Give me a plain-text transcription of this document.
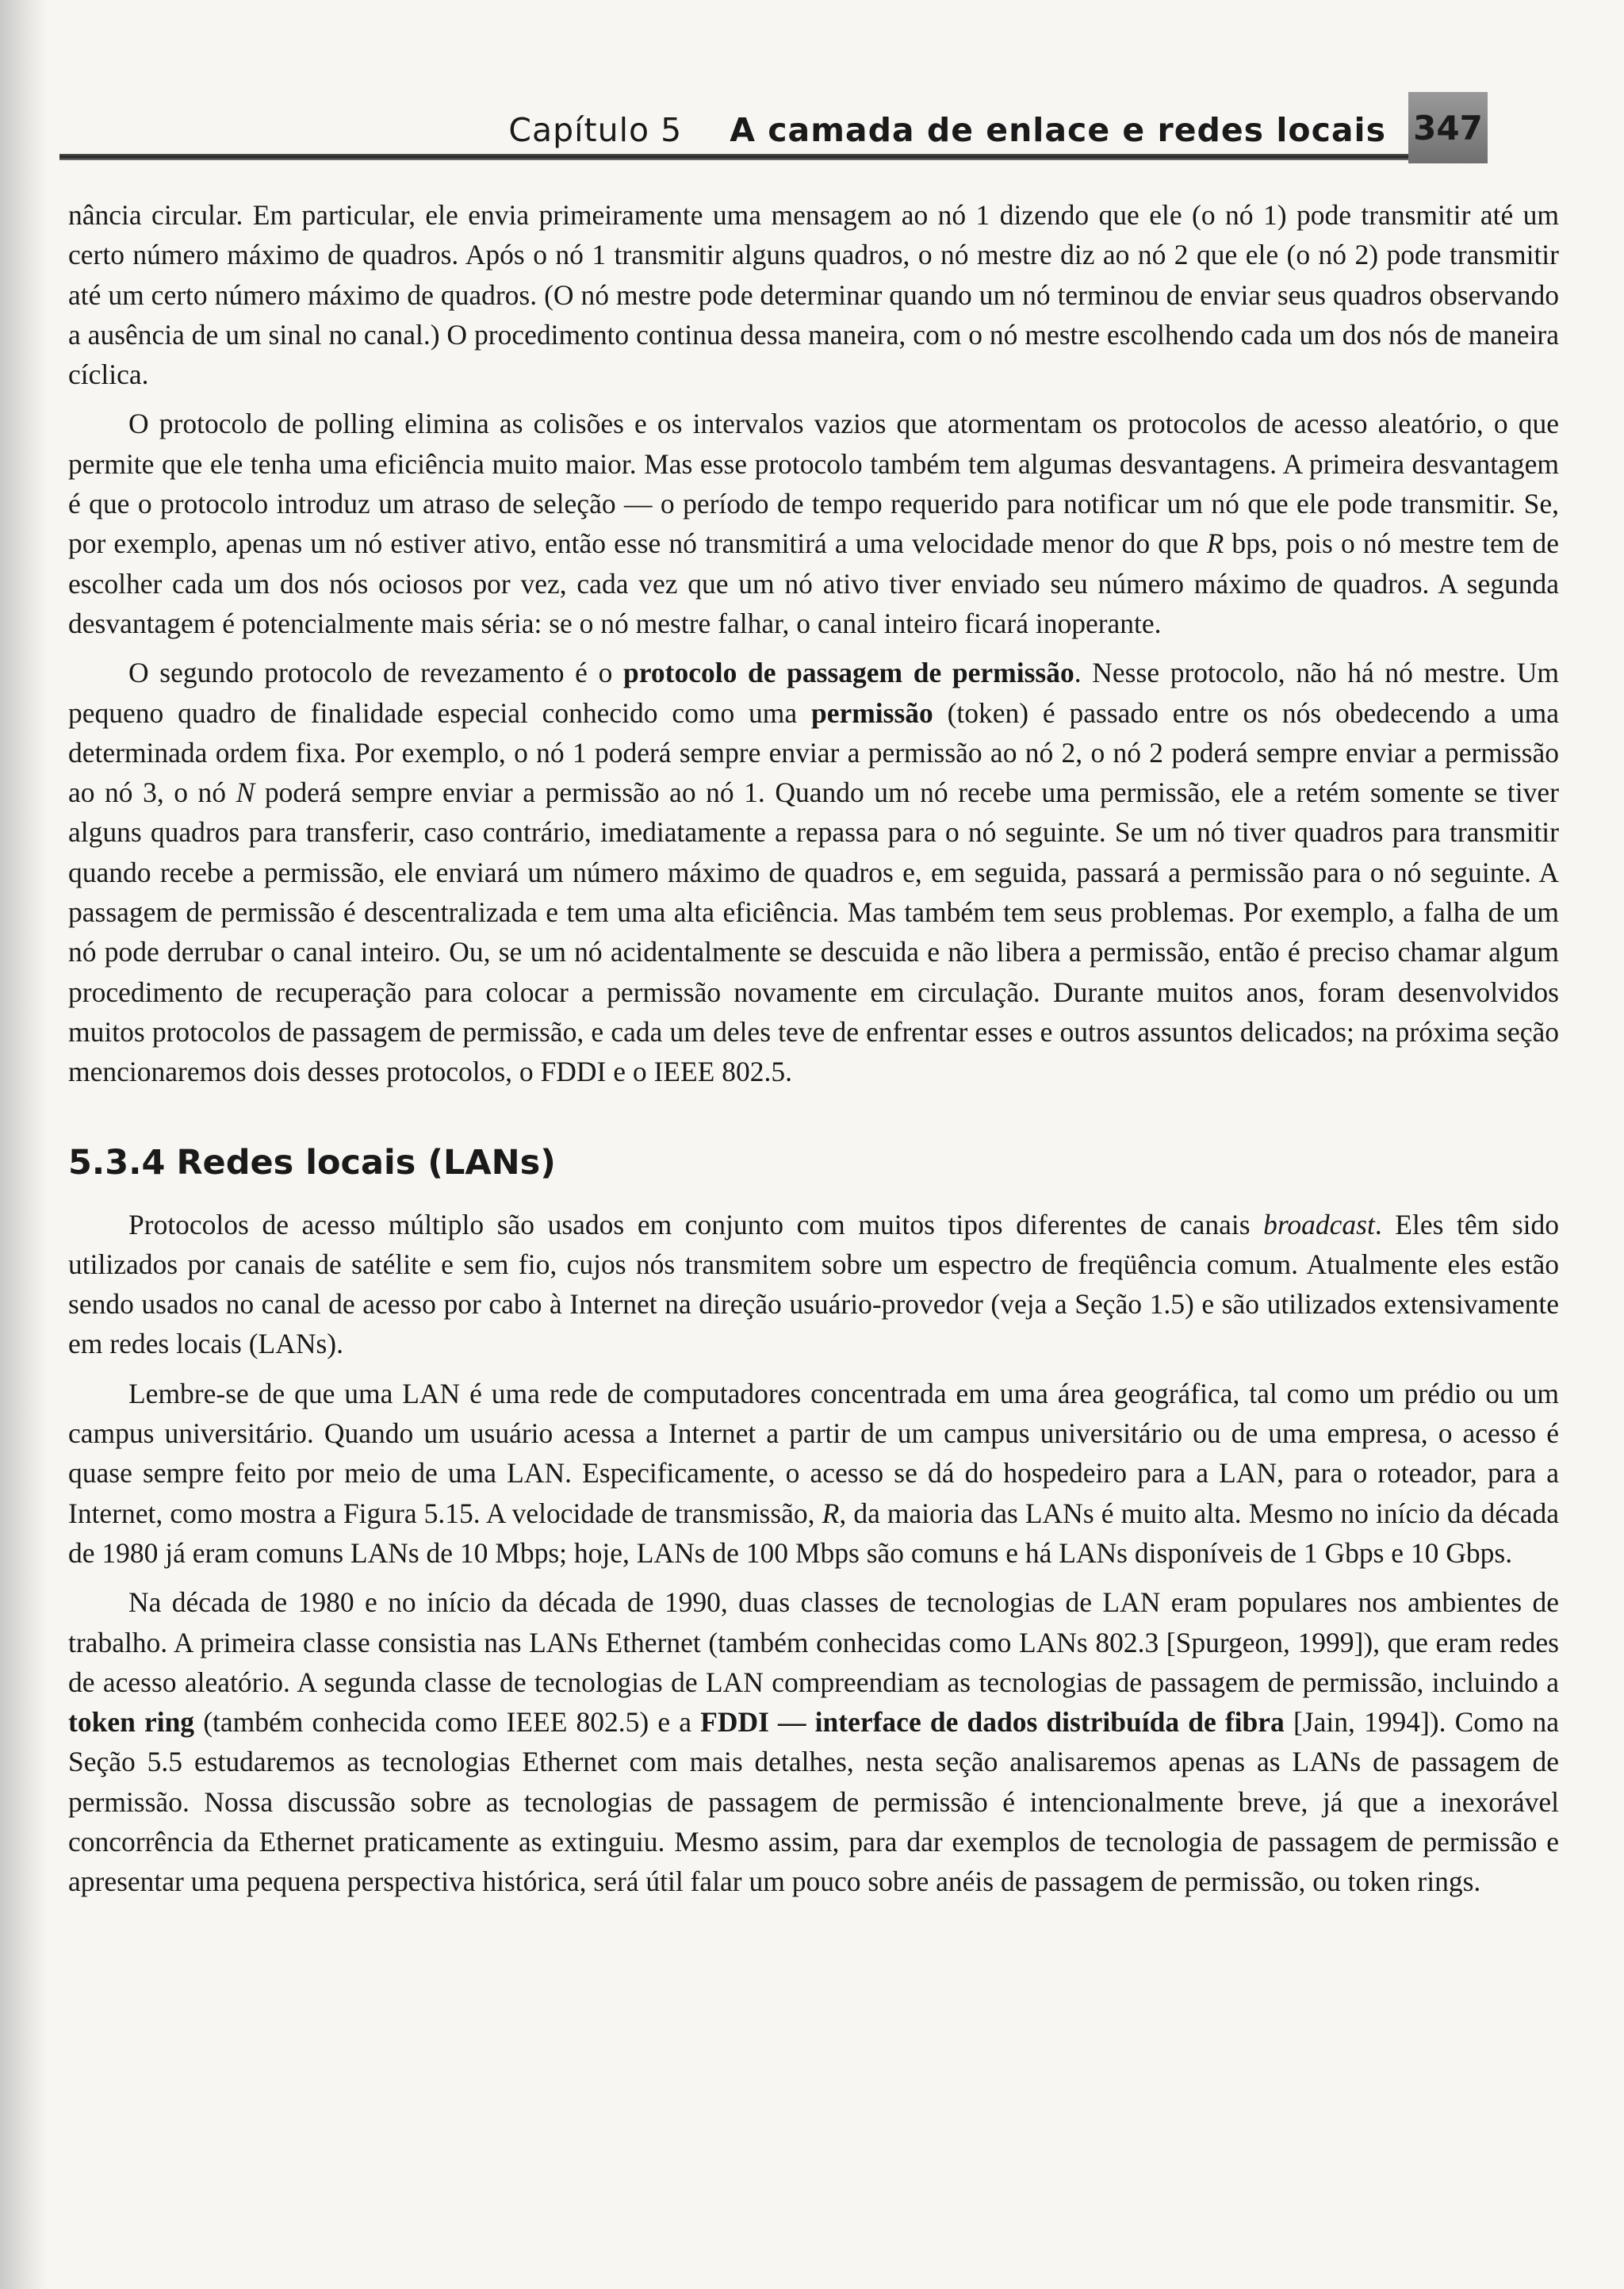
Capítulo 5 A camada de enlace e redes locais 347

nância circular. Em particular, ele envia primeiramente uma mensagem ao nó 1 dizendo que ele (o nó 1) pode transmitir até um certo número máximo de quadros. Após o nó 1 transmitir alguns quadros, o nó mestre diz ao nó 2 que ele (o nó 2) pode transmitir até um certo número máximo de quadros. (O nó mestre pode determinar quando um nó terminou de enviar seus quadros observando a ausência de um sinal no canal.) O procedimento continua dessa maneira, com o nó mestre escolhendo cada um dos nós de maneira cíclica.

O protocolo de polling elimina as colisões e os intervalos vazios que atormentam os protocolos de acesso aleatório, o que permite que ele tenha uma eficiência muito maior. Mas esse protocolo também tem algumas desvantagens. A primeira desvantagem é que o protocolo introduz um atraso de seleção — o período de tempo requerido para notificar um nó que ele pode transmitir. Se, por exemplo, apenas um nó estiver ativo, então esse nó transmitirá a uma velocidade menor do que R bps, pois o nó mestre tem de escolher cada um dos nós ociosos por vez, cada vez que um nó ativo tiver enviado seu número máximo de quadros. A segunda desvantagem é potencialmente mais séria: se o nó mestre falhar, o canal inteiro ficará inoperante.

O segundo protocolo de revezamento é o protocolo de passagem de permissão. Nesse protocolo, não há nó mestre. Um pequeno quadro de finalidade especial conhecido como uma permissão (token) é passado entre os nós obedecendo a uma determinada ordem fixa. Por exemplo, o nó 1 poderá sempre enviar a permissão ao nó 2, o nó 2 poderá sempre enviar a permissão ao nó 3, o nó N poderá sempre enviar a permissão ao nó 1. Quando um nó recebe uma permissão, ele a retém somente se tiver alguns quadros para transferir, caso contrário, imediatamente a repassa para o nó seguinte. Se um nó tiver quadros para transmitir quando recebe a permissão, ele enviará um número máximo de quadros e, em seguida, passará a permissão para o nó seguinte. A passagem de permissão é descentralizada e tem uma alta eficiência. Mas também tem seus problemas. Por exemplo, a falha de um nó pode derrubar o canal inteiro. Ou, se um nó acidentalmente se descuida e não libera a permissão, então é preciso chamar algum procedimento de recuperação para colocar a permissão novamente em circulação. Durante muitos anos, foram desenvolvidos muitos protocolos de passagem de permissão, e cada um deles teve de enfrentar esses e outros assuntos delicados; na próxima seção mencionaremos dois desses protocolos, o FDDI e o IEEE 802.5.

5.3.4 Redes locais (LANs)

Protocolos de acesso múltiplo são usados em conjunto com muitos tipos diferentes de canais broadcast. Eles têm sido utilizados por canais de satélite e sem fio, cujos nós transmitem sobre um espectro de freqüência comum. Atualmente eles estão sendo usados no canal de acesso por cabo à Internet na direção usuário-provedor (veja a Seção 1.5) e são utilizados extensivamente em redes locais (LANs).

Lembre-se de que uma LAN é uma rede de computadores concentrada em uma área geográfica, tal como um prédio ou um campus universitário. Quando um usuário acessa a Internet a partir de um campus universitário ou de uma empresa, o acesso é quase sempre feito por meio de uma LAN. Especificamente, o acesso se dá do hospedeiro para a LAN, para o roteador, para a Internet, como mostra a Figura 5.15. A velocidade de transmissão, R, da maioria das LANs é muito alta. Mesmo no início da década de 1980 já eram comuns LANs de 10 Mbps; hoje, LANs de 100 Mbps são comuns e há LANs disponíveis de 1 Gbps e 10 Gbps.

Na década de 1980 e no início da década de 1990, duas classes de tecnologias de LAN eram populares nos ambientes de trabalho. A primeira classe consistia nas LANs Ethernet (também conhecidas como LANs 802.3 [Spurgeon, 1999]), que eram redes de acesso aleatório. A segunda classe de tecnologias de LAN compreendiam as tecnologias de passagem de permissão, incluindo a token ring (também conhecida como IEEE 802.5) e a FDDI — interface de dados distribuída de fibra [Jain, 1994]). Como na Seção 5.5 estudaremos as tecnologias Ethernet com mais detalhes, nesta seção analisaremos apenas as LANs de passagem de permissão. Nossa discussão sobre as tecnologias de passagem de permissão é intencionalmente breve, já que a inexorável concorrência da Ethernet praticamente as extinguiu. Mesmo assim, para dar exemplos de tecnologia de passagem de permissão e apresentar uma pequena perspectiva histórica, será útil falar um pouco sobre anéis de passagem de permissão, ou token rings.
